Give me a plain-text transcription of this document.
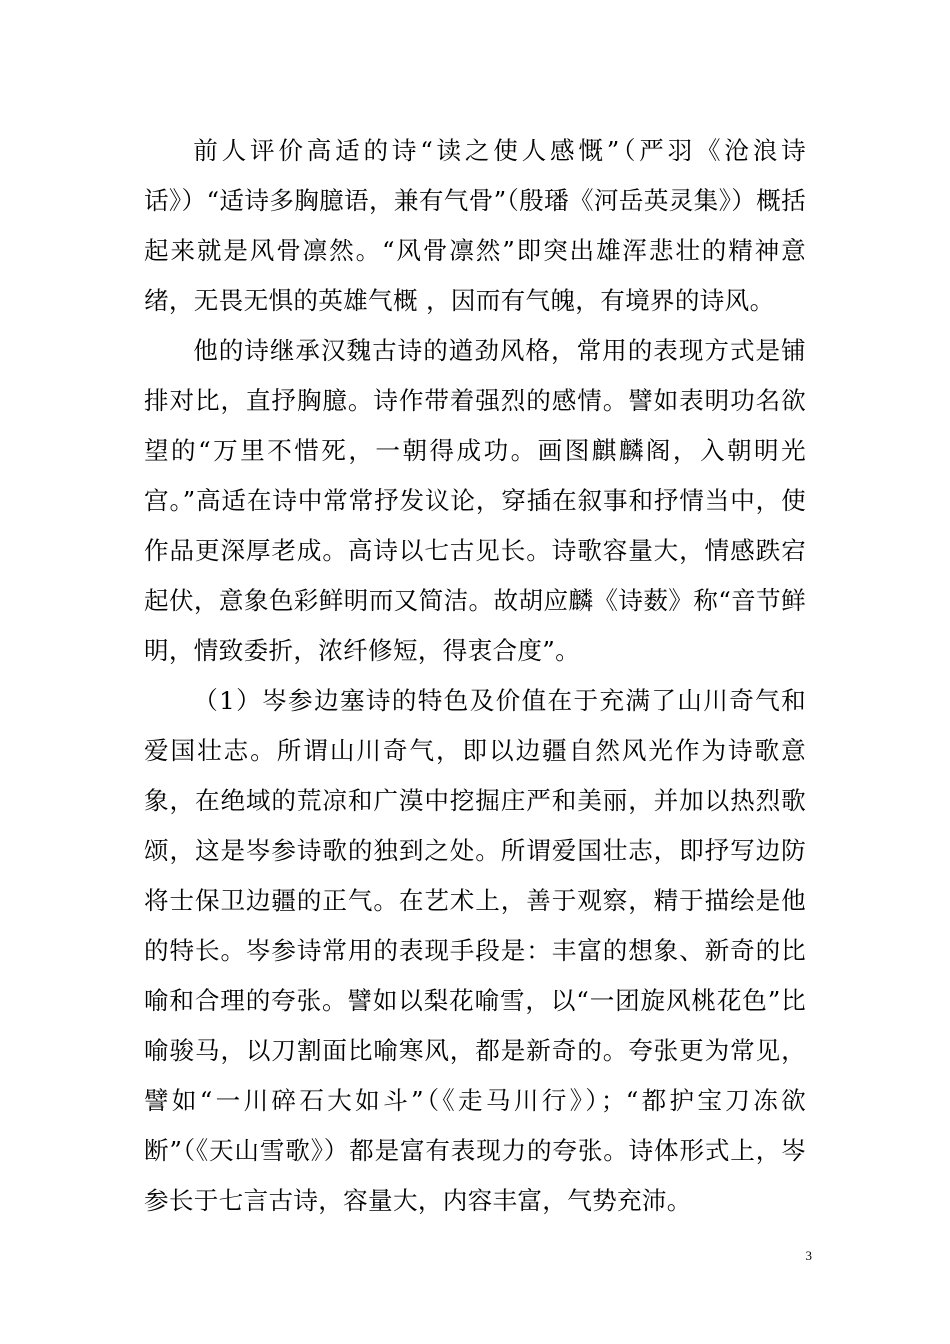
前人评价高适的诗“读之使人感慨”（严羽《沧浪诗话》）“适诗多胸臆语，兼有气骨”（殷璠《河岳英灵集》）概括起来就是风骨凛然。“风骨凛然”即突出雄浑悲壮的精神意绪，无畏无惧的英雄气概 ，因而有气魄，有境界的诗风。

他的诗继承汉魏古诗的遒劲风格，常用的表现方式是铺排对比，直抒胸臆。诗作带着强烈的感情。譬如表明功名欲望的“万里不惜死，一朝得成功。画图麒麟阁，入朝明光宫。”高适在诗中常常抒发议论，穿插在叙事和抒情当中，使作品更深厚老成。高诗以七古见长。诗歌容量大，情感跌宕起伏，意象色彩鲜明而又简洁。故胡应麟《诗薮》称“音节鲜明，情致委折，浓纤修短，得衷合度”。

（1）岑参边塞诗的特色及价值在于充满了山川奇气和爱国壮志。所谓山川奇气，即以边疆自然风光作为诗歌意象，在绝域的荒凉和广漠中挖掘庄严和美丽，并加以热烈歌颂，这是岑参诗歌的独到之处。所谓爱国壮志，即抒写边防将士保卫边疆的正气。在艺术上，善于观察，精于描绘是他的特长。岑参诗常用的表现手段是：丰富的想象、新奇的比喻和合理的夸张。譬如以梨花喻雪，以“一团旋风桃花色”比喻骏马，以刀割面比喻寒风，都是新奇的。夸张更为常见，譬如“一川碎石大如斗”（《走马川行》）；“都护宝刀冻欲断”（《天山雪歌》）都是富有表现力的夸张。诗体形式上，岑参长于七言古诗，容量大，内容丰富，气势充沛。

3
